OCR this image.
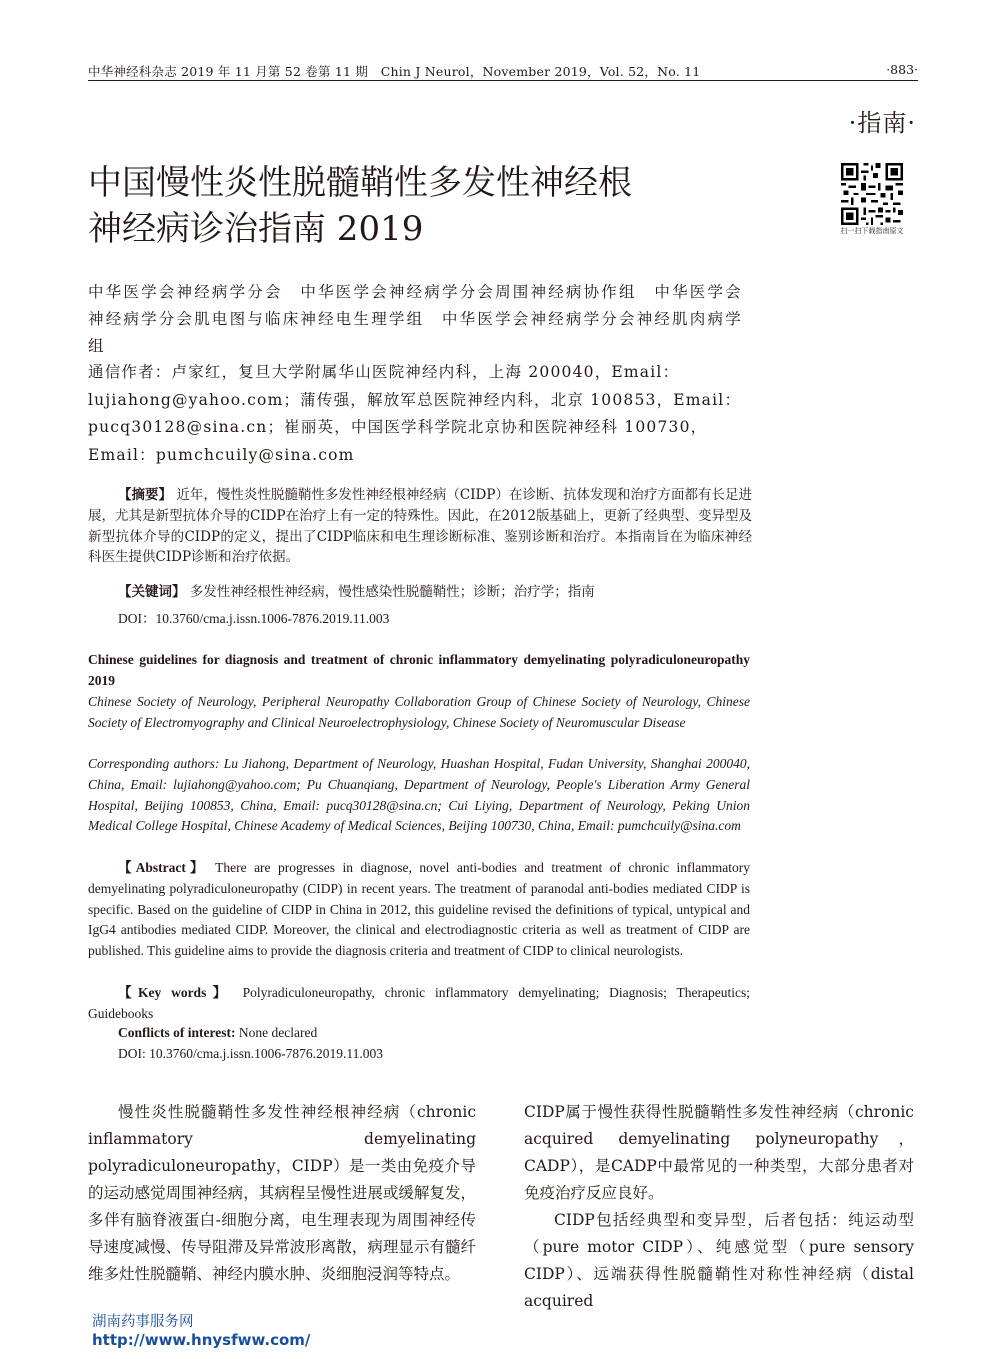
中华神经科杂志 2019 年 11 月第 52 卷第 11 期　Chin J Neurol，November 2019，Vol. 52，No. 11	·883·
·指南·
中国慢性炎性脱髓鞘性多发性神经根
神经病诊治指南 2019	扫一扫下载指南原文
中华医学会神经病学分会　中华医学会神经病学分会周围神经病协作组　中华医学会神经病学分会肌电图与临床神经电生理学组　中华医学会神经病学分会神经肌肉病学组
通信作者：卢家红，复旦大学附属华山医院神经内科，上海 200040，Email：lujiahong@yahoo.com；蒲传强，解放军总医院神经内科，北京 100853，Email：pucq30128@sina.cn；崔丽英，中国医学科学院北京协和医院神经科 100730，Email：pumchcuily@sina.com
【摘要】 近年，慢性炎性脱髓鞘性多发性神经根神经病（CIDP）在诊断、抗体发现和治疗方面都有长足进展，尤其是新型抗体介导的CIDP在治疗上有一定的特殊性。因此，在2012版基础上，更新了经典型、变异型及新型抗体介导的CIDP的定义，提出了CIDP临床和电生理诊断标准、鉴别诊断和治疗。本指南旨在为临床神经科医生提供CIDP诊断和治疗依据。
【关键词】 多发性神经根性神经病，慢性感染性脱髓鞘性；诊断；治疗学；指南
DOI：10.3760/cma.j.issn.1006-7876.2019.11.003
Chinese guidelines for diagnosis and treatment of chronic inflammatory demyelinating polyradiculoneuropathy 2019
Chinese Society of Neurology, Peripheral Neuropathy Collaboration Group of Chinese Society of Neurology, Chinese Society of Electromyography and Clinical Neuroelectrophysiology, Chinese Society of Neuromuscular Disease
Corresponding authors: Lu Jiahong, Department of Neurology, Huashan Hospital, Fudan University, Shanghai 200040, China, Email: lujiahong@yahoo.com; Pu Chuanqiang, Department of Neurology, People's Liberation Army General Hospital, Beijing 100853, China, Email: pucq30128@sina.cn; Cui Liying, Department of Neurology, Peking Union Medical College Hospital, Chinese Academy of Medical Sciences, Beijing 100730, China, Email: pumchcuily@sina.com
【Abstract】 There are progresses in diagnose, novel anti-bodies and treatment of chronic inflammatory demyelinating polyradiculoneuropathy (CIDP) in recent years. The treatment of paranodal anti-bodies mediated CIDP is specific. Based on the guideline of CIDP in China in 2012, this guideline revised the definitions of typical, untypical and IgG4 antibodies mediated CIDP. Moreover, the clinical and electrodiagnostic criteria as well as treatment of CIDP are published. This guideline aims to provide the diagnosis criteria and treatment of CIDP to clinical neurologists.
【Key words】 Polyradiculoneuropathy, chronic inflammatory demyelinating; Diagnosis; Therapeutics; Guidebooks
Conflicts of interest: None declared
DOI: 10.3760/cma.j.issn.1006-7876.2019.11.003

慢性炎性脱髓鞘性多发性神经根神经病（chronic inflammatory demyelinating polyradiculoneuropathy，CIDP）是一类由免疫介导的运动感觉周围神经病，其病程呈慢性进展或缓解复发，多伴有脑脊液蛋白-细胞分离，电生理表现为周围神经传导速度减慢、传导阻滞及异常波形离散，病理显示有髓纤维多灶性脱髓鞘、神经内膜水肿、炎细胞浸润等特点。

CIDP属于慢性获得性脱髓鞘性多发性神经病（chronic acquired demyelinating polyneuropathy，CADP），是CADP中最常见的一种类型，大部分患者对免疫治疗反应良好。

CIDP包括经典型和变异型，后者包括：纯运动型（pure motor CIDP）、纯感觉型（pure sensory CIDP）、远端获得性脱髓鞘性对称性神经病（distal acquired

湖南药事服务网
http://www.hnysfww.com/
